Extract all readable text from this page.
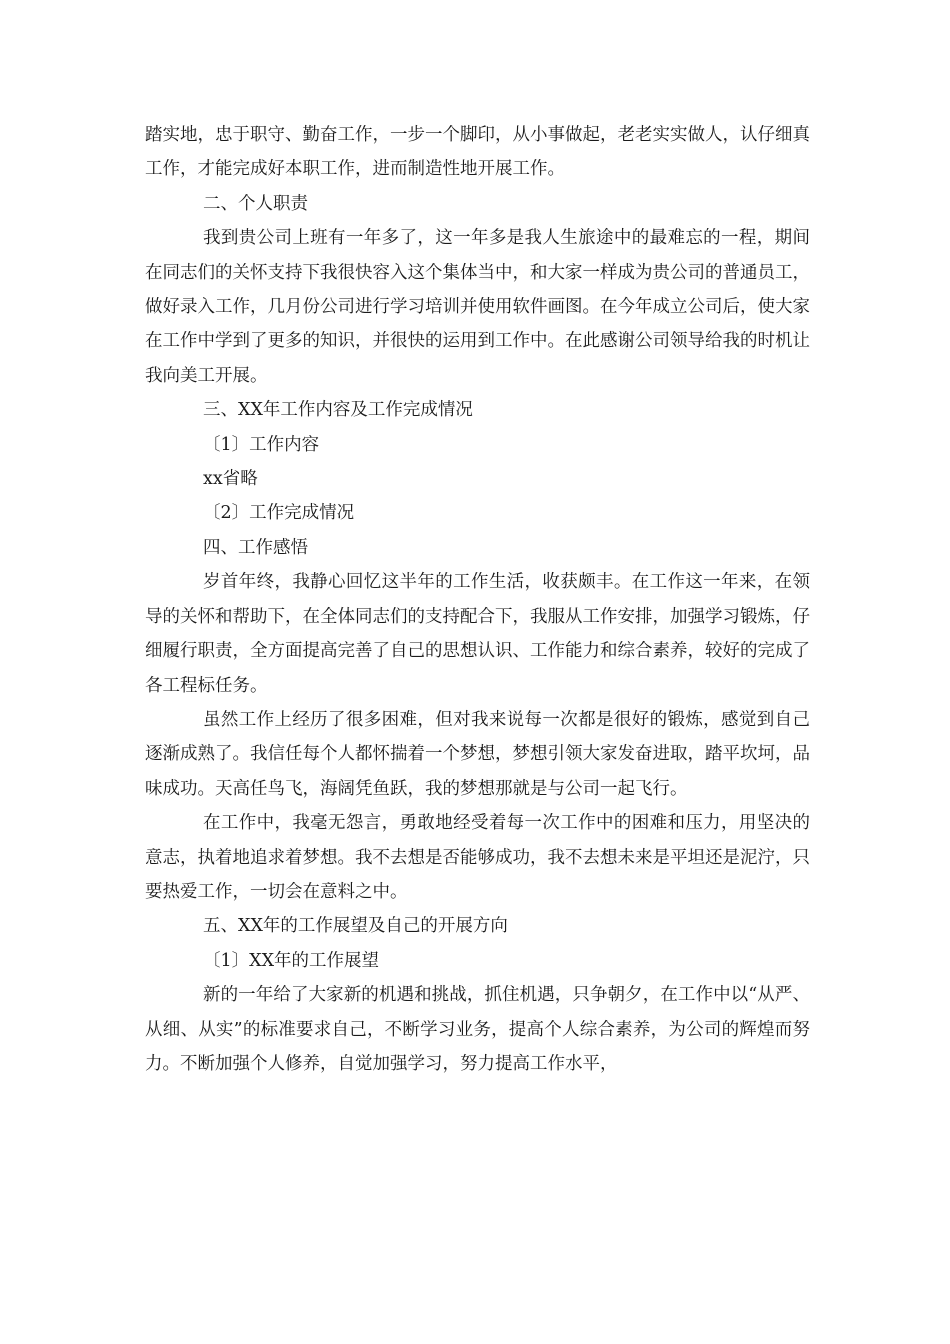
踏实地，忠于职守、勤奋工作，一步一个脚印，从小事做起，老老实实做人，认仔细真工作，才能完成好本职工作，进而制造性地开展工作。

二、个人职责

我到贵公司上班有一年多了，这一年多是我人生旅途中的最难忘的一程，期间在同志们的关怀支持下我很快容入这个集体当中，和大家一样成为贵公司的普通员工，做好录入工作，几月份公司进行学习培训并使用软件画图。在今年成立公司后，使大家在工作中学到了更多的知识，并很快的运用到工作中。在此感谢公司领导给我的时机让我向美工开展。

三、XX年工作内容及工作完成情况

〔1〕工作内容

xx省略

〔2〕工作完成情况

四、工作感悟

岁首年终，我静心回忆这半年的工作生活，收获颇丰。在工作这一年来，在领导的关怀和帮助下，在全体同志们的支持配合下，我服从工作安排，加强学习锻炼，仔细履行职责，全方面提高完善了自己的思想认识、工作能力和综合素养，较好的完成了各工程标任务。

虽然工作上经历了很多困难，但对我来说每一次都是很好的锻炼，感觉到自己逐渐成熟了。我信任每个人都怀揣着一个梦想，梦想引领大家发奋进取，踏平坎坷，品味成功。天高任鸟飞，海阔凭鱼跃，我的梦想那就是与公司一起飞行。

在工作中，我毫无怨言，勇敢地经受着每一次工作中的困难和压力，用坚决的意志，执着地追求着梦想。我不去想是否能够成功，我不去想未来是平坦还是泥泞，只要热爱工作，一切会在意料之中。

五、XX年的工作展望及自己的开展方向

〔1〕XX年的工作展望

新的一年给了大家新的机遇和挑战，抓住机遇，只争朝夕，在工作中以“从严、从细、从实”的标准要求自己，不断学习业务，提高个人综合素养，为公司的辉煌而努力。不断加强个人修养，自觉加强学习，努力提高工作水平，
